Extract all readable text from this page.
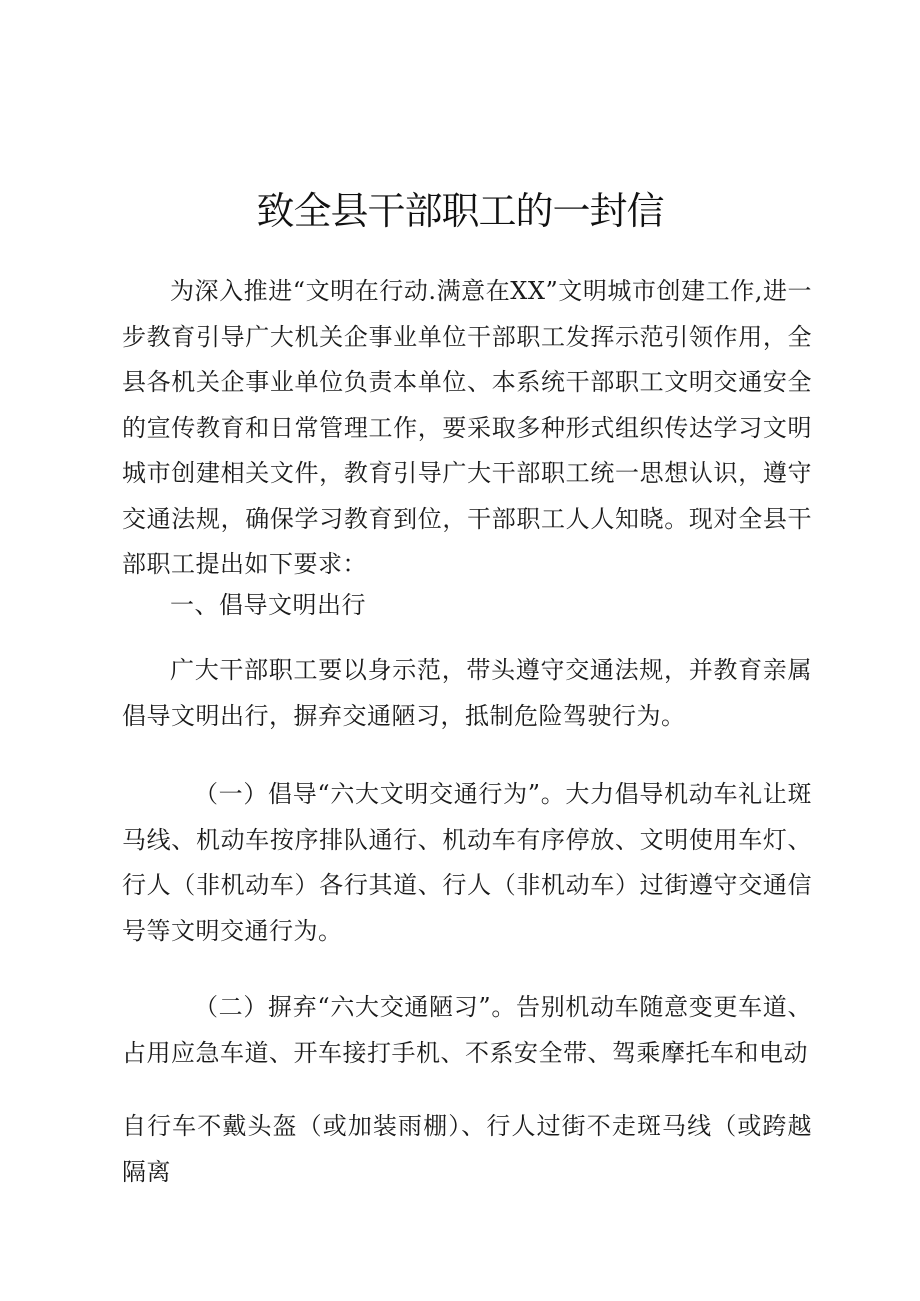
致全县干部职工的一封信

为深入推进“文明在行动.满意在XX”文明城市创建工作,进一步教育引导广大机关企事业单位干部职工发挥示范引领作用，全县各机关企事业单位负责本单位、本系统干部职工文明交通安全的宣传教育和日常管理工作，要采取多种形式组织传达学习文明城市创建相关文件，教育引导广大干部职工统一思想认识，遵守交通法规，确保学习教育到位，干部职工人人知晓。现对全县干部职工提出如下要求：

一、倡导文明出行

广大干部职工要以身示范，带头遵守交通法规，并教育亲属倡导文明出行，摒弃交通陋习，抵制危险驾驶行为。

（一）倡导“六大文明交通行为”。大力倡导机动车礼让斑马线、机动车按序排队通行、机动车有序停放、文明使用车灯、行人（非机动车）各行其道、行人（非机动车）过街遵守交通信号等文明交通行为。

（二）摒弃“六大交通陋习”。告别机动车随意变更车道、占用应急车道、开车接打手机、不系安全带、驾乘摩托车和电动

自行车不戴头盔（或加装雨棚）、行人过街不走斑马线（或跨越隔离
